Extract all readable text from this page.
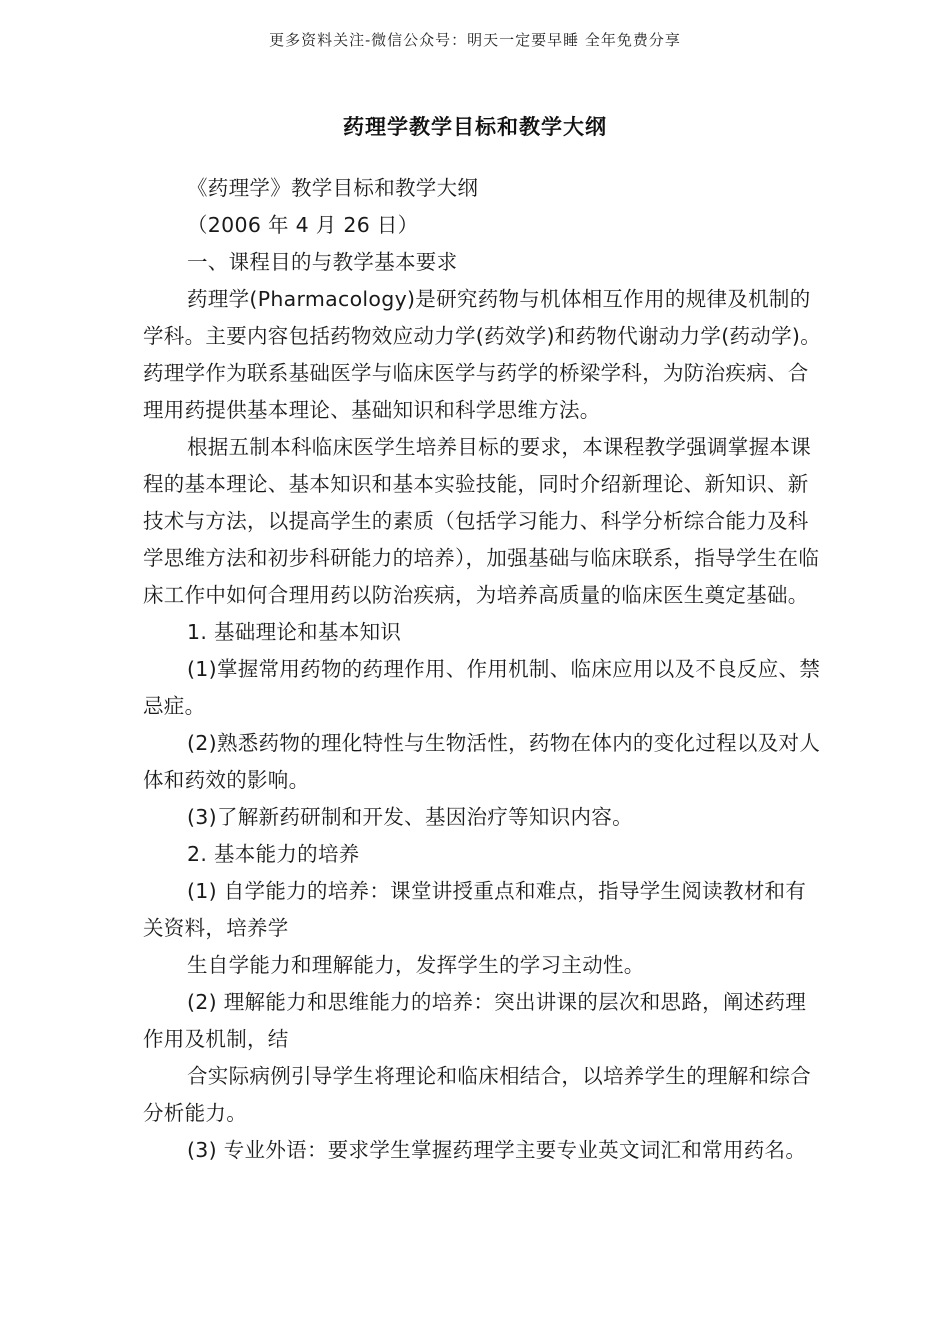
更多资料关注-微信公众号：明天一定要早睡 全年免费分享
药理学教学目标和教学大纲

《药理学》教学目标和教学大纲

（2006 年 4 月 26 日）

一、课程目的与教学基本要求

药理学(Pharmacology)是研究药物与机体相互作用的规律及机制的学科。主要内容包括药物效应动力学(药效学)和药物代谢动力学(药动学)。药理学作为联系基础医学与临床医学与药学的桥梁学科，为防治疾病、合理用药提供基本理论、基础知识和科学思维方法。

根据五制本科临床医学生培养目标的要求，本课程教学强调掌握本课程的基本理论、基本知识和基本实验技能，同时介绍新理论、新知识、新技术与方法，以提高学生的素质（包括学习能力、科学分析综合能力及科学思维方法和初步科研能力的培养），加强基础与临床联系，指导学生在临床工作中如何合理用药以防治疾病，为培养高质量的临床医生奠定基础。

1. 基础理论和基本知识

(1)掌握常用药物的药理作用、作用机制、临床应用以及不良反应、禁忌症。

(2)熟悉药物的理化特性与生物活性，药物在体内的变化过程以及对人体和药效的影响。

(3)了解新药研制和开发、基因治疗等知识内容。

2. 基本能力的培养

(1) 自学能力的培养：课堂讲授重点和难点，指导学生阅读教材和有关资料，培养学

生自学能力和理解能力，发挥学生的学习主动性。

(2) 理解能力和思维能力的培养：突出讲课的层次和思路，阐述药理作用及机制，结

合实际病例引导学生将理论和临床相结合，以培养学生的理解和综合分析能力。

(3) 专业外语：要求学生掌握药理学主要专业英文词汇和常用药名。
